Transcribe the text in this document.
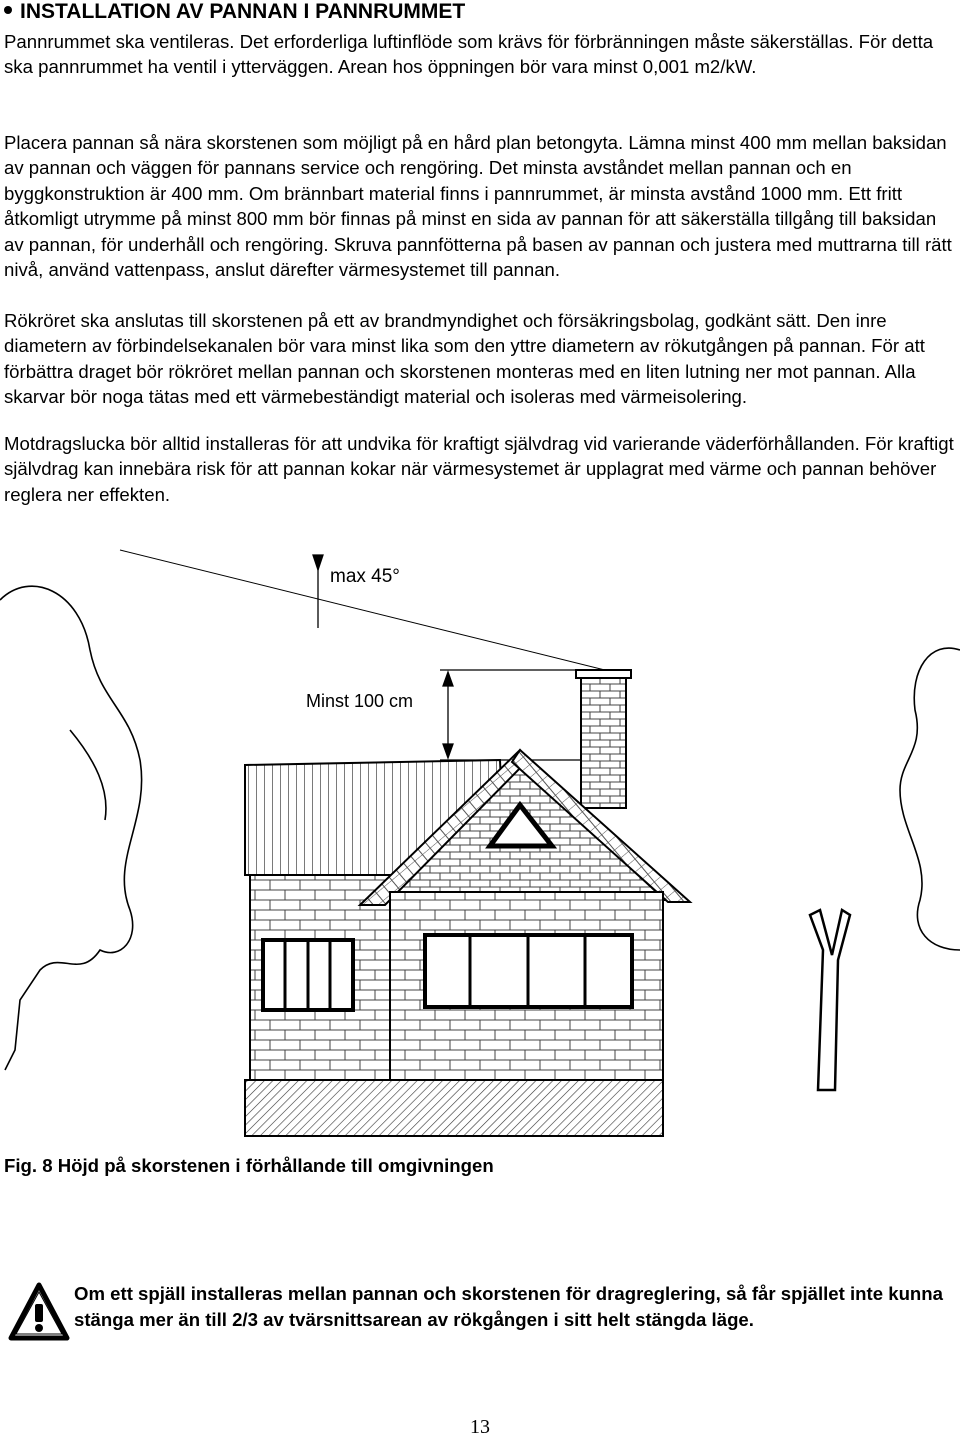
INSTALLATION AV PANNAN I PANNRUMMET

Pannrummet ska ventileras. Det erforderliga luftinflöde som krävs för förbränningen måste säkerställas. För detta ska pannrummet ha ventil i ytterväggen. Arean hos öppningen bör vara minst 0,001 m2/kW.

Placera pannan så nära skorstenen som möjligt på en hård plan betongyta. Lämna minst 400 mm mellan baksidan av pannan och väggen för pannans service och rengöring. Det minsta avståndet mellan pannan och en byggkonstruktion är 400 mm. Om brännbart material finns i pannrummet, är minsta avstånd 1000 mm. Ett fritt åtkomligt utrymme på minst 800 mm bör finnas på minst en sida av pannan för att säkerställa tillgång till baksidan av pannan, för underhåll och rengöring. Skruva pannfötterna på basen av pannan och justera med muttrarna till rätt nivå, använd vattenpass, anslut därefter värmesystemet till pannan.

Rökröret ska anslutas till skorstenen på ett av brandmyndighet och försäkringsbolag, godkänt sätt. Den inre diametern av förbindelsekanalen bör vara minst lika som den yttre diametern av rökutgången på pannan. För att förbättra draget bör rökröret mellan pannan och skorstenen monteras med en liten lutning ner mot pannan. Alla skarvar bör noga tätas med ett värmebeständigt material och isoleras med värmeisolering.

Motdragslucka bör alltid installeras för att undvika för kraftigt självdrag vid varierande väderförhållanden. För kraftigt självdrag kan innebära risk för att pannan kokar när värmesystemet är upplagrat med värme och pannan behöver reglera ner effekten.

max 45°
Minst 100 cm
Fig. 8 Höjd på skorstenen i förhållande till omgivningen
Om ett spjäll installeras mellan pannan och skorstenen för dragreglering, så får spjället inte kunna stänga mer än till 2/3 av tvärsnittsarean av rökgången i sitt helt stängda läge.
13
